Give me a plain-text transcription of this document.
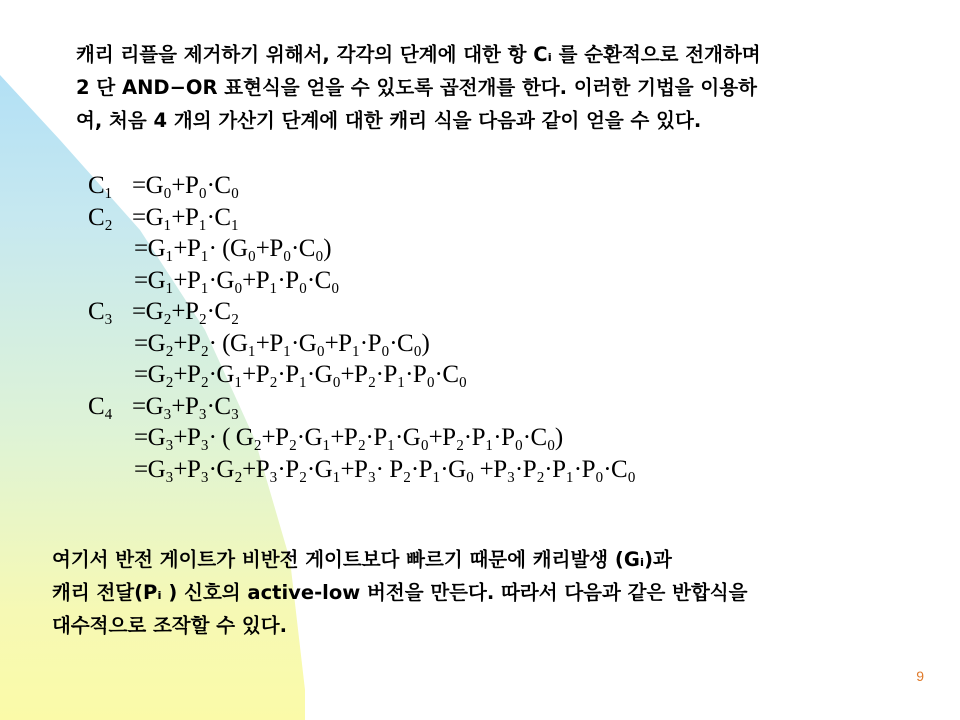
캐리 리플을 제거하기 위해서, 각각의 단계에 대한 항 Cᵢ 를 순환적으로 전개하며
2 단 AND−OR 표현식을 얻을 수 있도록 곱전개를 한다. 이러한 기법을 이용하
여, 처음 4 개의 가산기 단계에 대한 캐리 식을 다음과 같이 얻을 수 있다.
C₁ =G₀+P₀·C₀
C₂ =G₁+P₁·C₁
=G₁+P₁· (G₀+P₀·C₀)
=G₁+P₁·G₀+P₁·P₀·C₀
C₃ =G₂+P₂·C₂
=G₂+P₂· (G₁+P₁·G₀+P₁·P₀·C₀)
=G₂+P₂·G₁+P₂·P₁·G₀+P₂·P₁·P₀·C₀
C₄ =G₃+P₃·C₃
=G₃+P₃· ( G₂+P₂·G₁+P₂·P₁·G₀+P₂·P₁·P₀·C₀)
=G₃+P₃·G₂+P₃·P₂·G₁+P₃· P₂·P₁·G₀ +P₃·P₂·P₁·P₀·C₀
여기서 반전 게이트가 비반전 게이트보다 빠르기 때문에 캐리발생 (Gᵢ)과
캐리 전달(Pᵢ ) 신호의 active-low 버전을 만든다. 따라서 다음과 같은 반합식을
대수적으로 조작할 수 있다.
9
